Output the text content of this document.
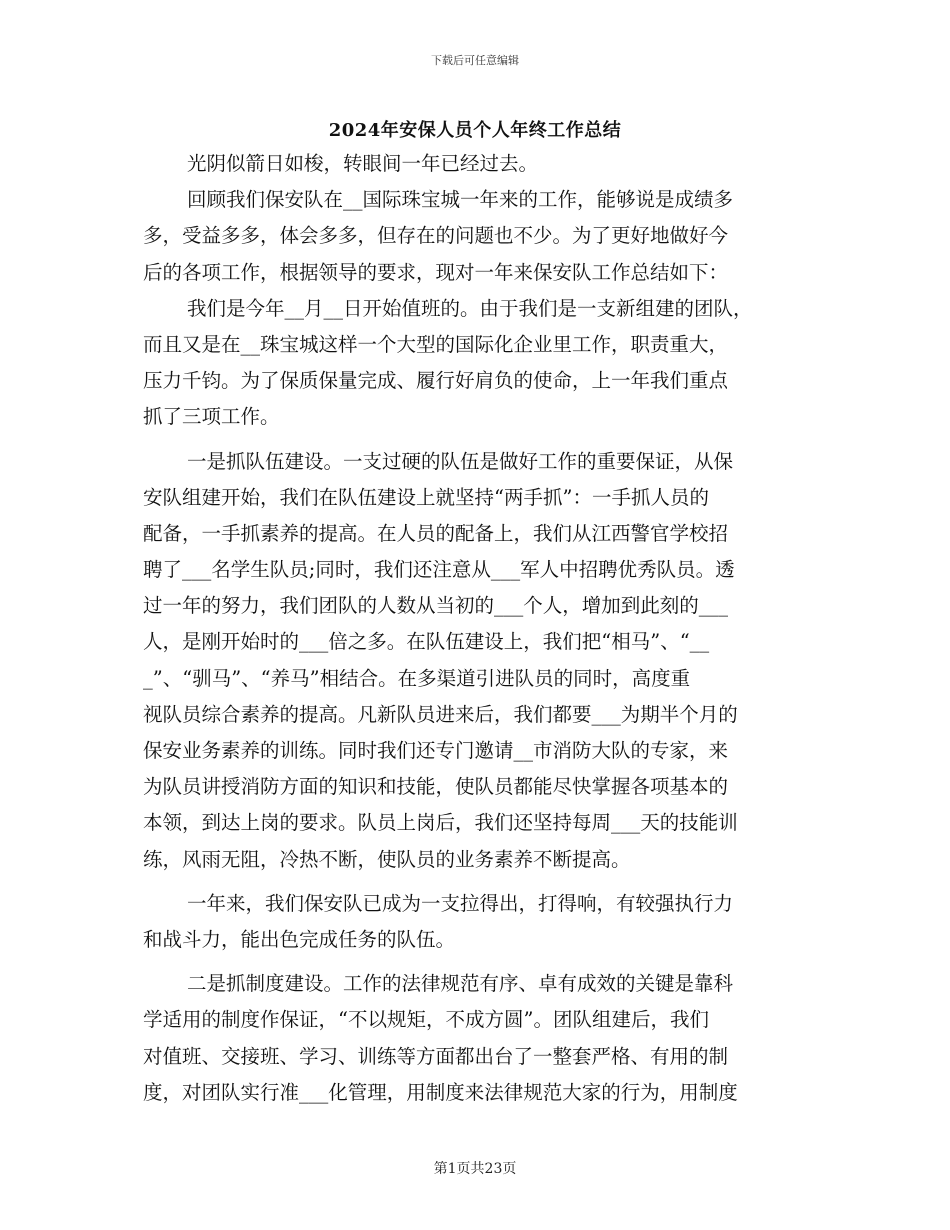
下载后可任意编辑
2024年安保人员个人年终工作总结
光阴似箭日如梭，转眼间一年已经过去。
回顾我们保安队在__国际珠宝城一年来的工作，能够说是成绩多
多，受益多多，体会多多，但存在的问题也不少。为了更好地做好今
后的各项工作，根据领导的要求，现对一年来保安队工作总结如下：
我们是今年__月__日开始值班的。由于我们是一支新组建的团队，
而且又是在__珠宝城这样一个大型的国际化企业里工作，职责重大，
压力千钧。为了保质保量完成、履行好肩负的使命，上一年我们重点
抓了三项工作。
一是抓队伍建设。一支过硬的队伍是做好工作的重要保证，从保
安队组建开始，我们在队伍建设上就坚持“两手抓”：一手抓人员的
配备，一手抓素养的提高。在人员的配备上，我们从江西警官学校招
聘了___名学生队员;同时，我们还注意从___军人中招聘优秀队员。透
过一年的努力，我们团队的人数从当初的___个人，增加到此刻的___
人，是刚开始时的___倍之多。在队伍建设上，我们把“相马”、“__
_”、“驯马”、“养马”相结合。在多渠道引进队员的同时，高度重
视队员综合素养的提高。凡新队员进来后，我们都要___为期半个月的
保安业务素养的训练。同时我们还专门邀请__市消防大队的专家，来
为队员讲授消防方面的知识和技能，使队员都能尽快掌握各项基本的
本领，到达上岗的要求。队员上岗后，我们还坚持每周___天的技能训
练，风雨无阻，冷热不断，使队员的业务素养不断提高。
一年来，我们保安队已成为一支拉得出，打得响，有较强执行力
和战斗力，能出色完成任务的队伍。
二是抓制度建设。工作的法律规范有序、卓有成效的关键是靠科
学适用的制度作保证，“不以规矩，不成方圆”。团队组建后，我们
对值班、交接班、学习、训练等方面都出台了一整套严格、有用的制
度，对团队实行准___化管理，用制度来法律规范大家的行为，用制度
第1页共23页
